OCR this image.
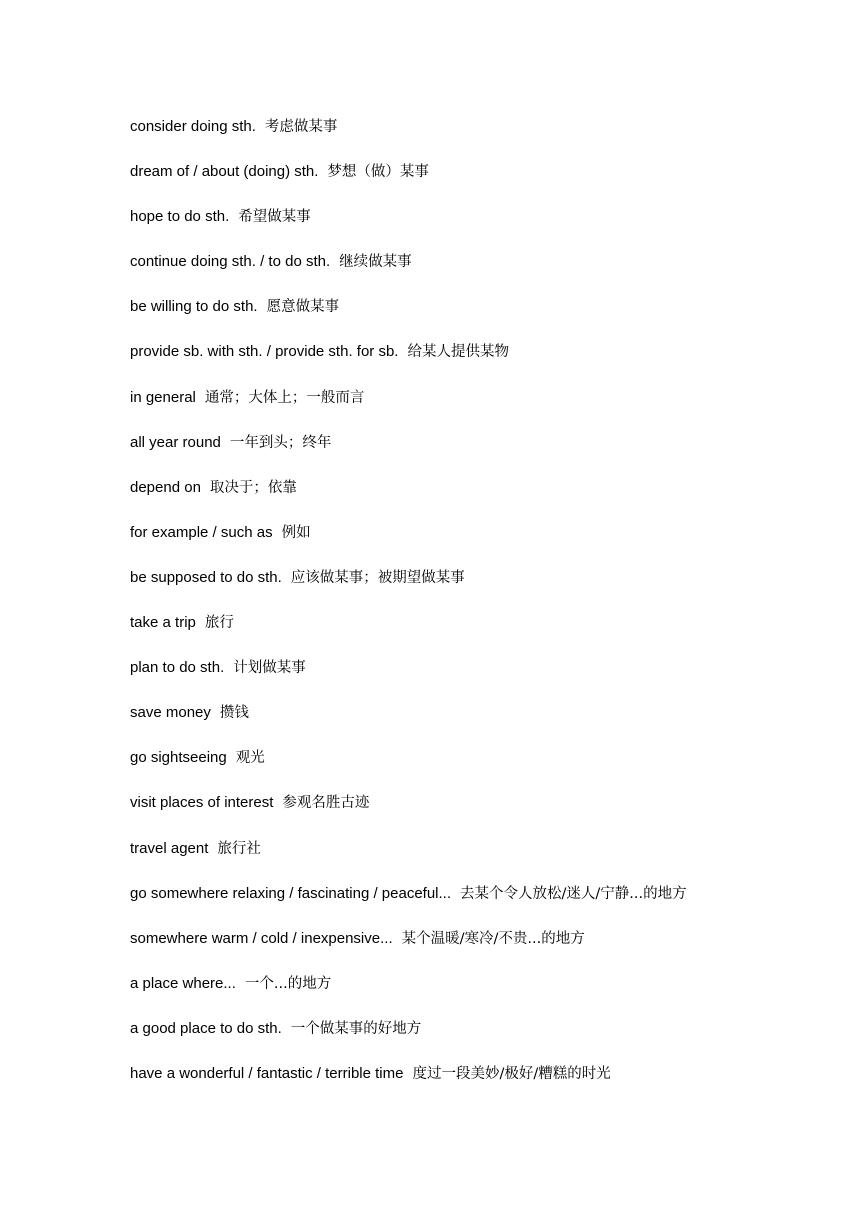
consider doing sth. 考虑做某事
dream of / about (doing) sth. 梦想（做）某事
hope to do sth. 希望做某事
continue doing sth. / to do sth. 继续做某事
be willing to do sth. 愿意做某事
provide sb. with sth. / provide sth. for sb. 给某人提供某物
in general 通常；大体上；一般而言
all year round 一年到头；终年
depend on 取决于；依靠
for example / such as 例如
be supposed to do sth. 应该做某事；被期望做某事
take a trip 旅行
plan to do sth. 计划做某事
save money 攒钱
go sightseeing 观光
visit places of interest 参观名胜古迹
travel agent 旅行社
go somewhere relaxing / fascinating / peaceful... 去某个令人放松/迷人/宁静...的地方
somewhere warm / cold / inexpensive... 某个温暖/寒冷/不贵...的地方
a place where... 一个...的地方
a good place to do sth. 一个做某事的好地方
have a wonderful / fantastic / terrible time 度过一段美妙/极好/糟糕的时光
